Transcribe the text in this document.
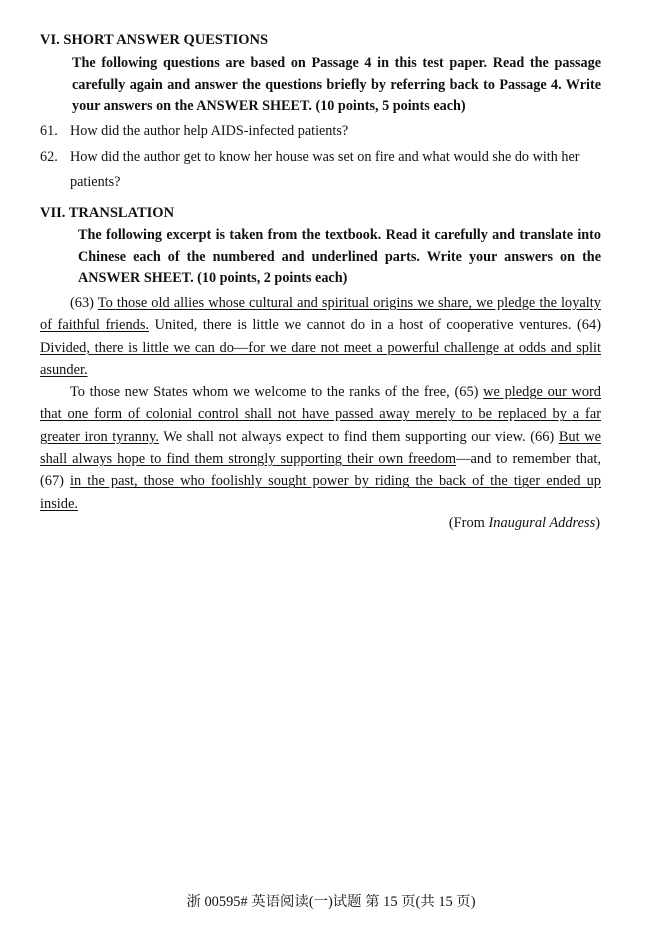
VI. SHORT ANSWER QUESTIONS
The following questions are based on Passage 4 in this test paper. Read the passage carefully again and answer the questions briefly by referring back to Passage 4. Write your answers on the ANSWER SHEET. (10 points, 5 points each)
61. How did the author help AIDS-infected patients?
62. How did the author get to know her house was set on fire and what would she do with her
patients?
VII. TRANSLATION
The following excerpt is taken from the textbook. Read it carefully and translate into Chinese each of the numbered and underlined parts. Write your answers on the ANSWER SHEET. (10 points, 2 points each)

(63) To those old allies whose cultural and spiritual origins we share, we pledge the loyalty of faithful friends. United, there is little we cannot do in a host of cooperative ventures. (64) Divided, there is little we can do—for we dare not meet a powerful challenge at odds and split asunder.

To those new States whom we welcome to the ranks of the free, (65) we pledge our word that one form of colonial control shall not have passed away merely to be replaced by a far greater iron tyranny. We shall not always expect to find them supporting our view. (66) But we shall always hope to find them strongly supporting their own freedom—and to remember that, (67) in the past, those who foolishly sought power by riding the back of the tiger ended up inside.

(From Inaugural Address)
浙 00595# 英语阅读(一)试题 第 15 页(共 15 页)
